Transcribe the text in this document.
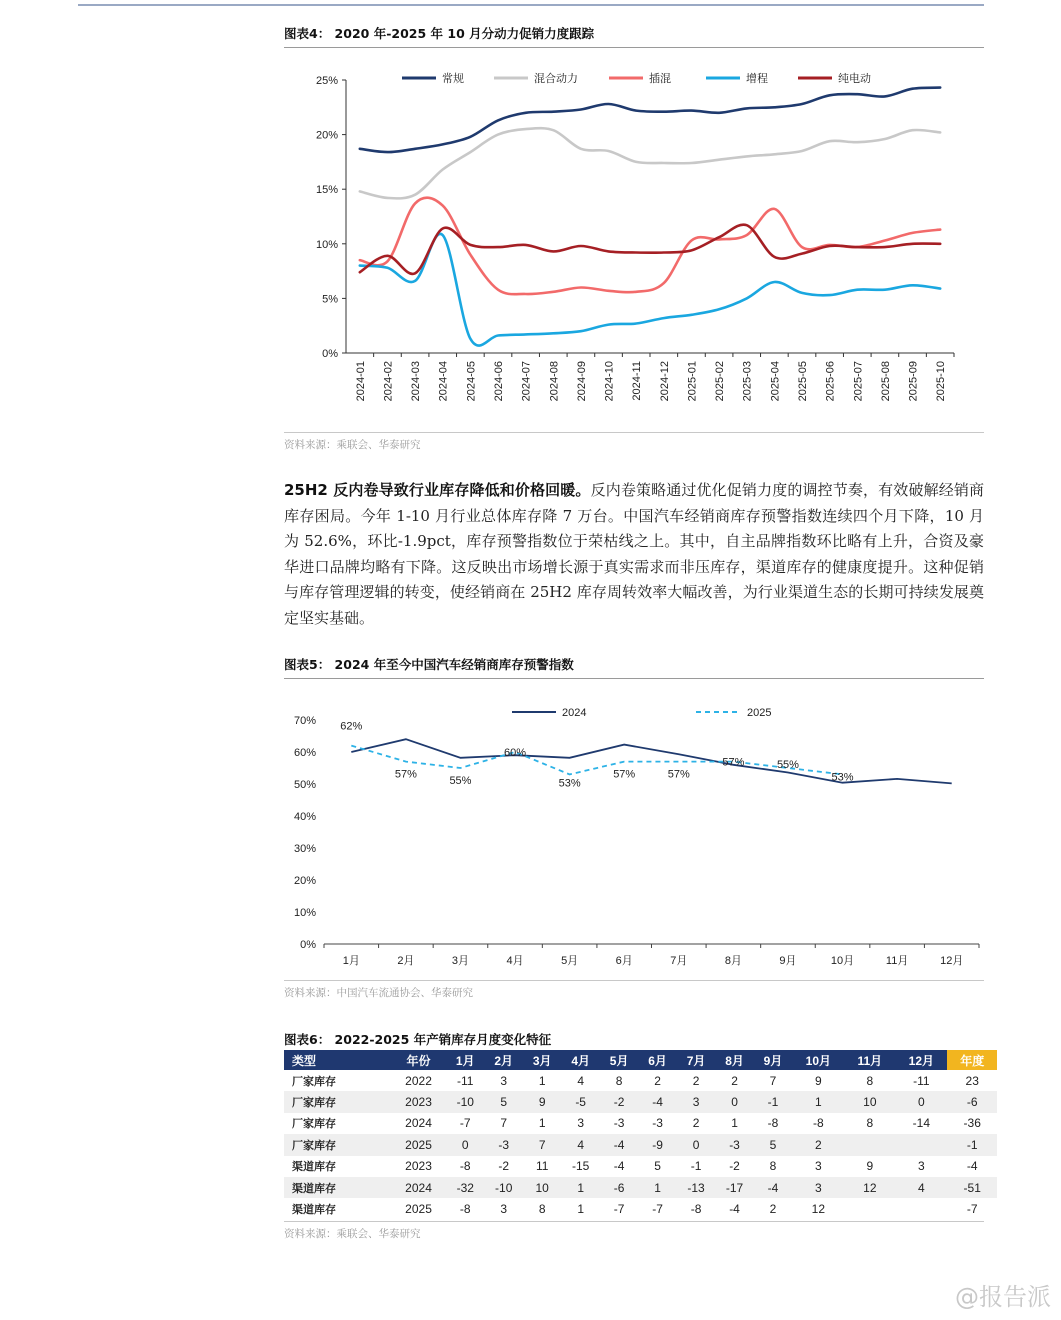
图表4： 2020 年-2025 年 10 月分动力促销力度跟踪
0%
5%
10%
15%
20%
25%
2024-01 2024-02 2024-03 2024-04 2024-05 2024-06 2024-07 2024-08 2024-09 2024-10 2024-11 2024-12 2025-01 2025-02 2025-03 2025-04 2025-05 2025-06 2025-07 2025-08 2025-09 2025-10
常规	混合动力	插混	增程	纯电动
资料来源：乘联会、华泰研究
25H2 反内卷导致行业库存降低和价格回暖。反内卷策略通过优化促销力度的调控节奏，有效破解经销商库存困局。今年 1-10 月行业总体库存降 7 万台。中国汽车经销商库存预警指数连续四个月下降，10 月为 52.6%，环比-1.9pct，库存预警指数位于荣枯线之上。其中，自主品牌指数环比略有上升，合资及豪华进口品牌均略有下降。这反映出市场增长源于真实需求而非压库存，渠道库存的健康度提升。这种促销与库存管理逻辑的转变，使经销商在 25H2 库存周转效率大幅改善，为行业渠道生态的长期可持续发展奠定坚实基础。
图表5： 2024 年至今中国汽车经销商库存预警指数
0%
10%
20%
30%
40%
50%
60%
70%
1月	2月	3月	4月	5月	6月	7月	8月	9月	10月	11月	12月
2024	2025
62%
57%
55%
60%
53%
57%	57%
57%	55%
53%
资料来源：中国汽车流通协会、华泰研究
图表6： 2022-2025 年产销库存月度变化特征
类型	年份	1月	2月	3月	4月	5月	6月	7月	8月	9月	10月	11月	12月	年度
厂家库存	2022	-11	3	1	4	8	2	2	2	7	9	8	-11	23
厂家库存	2023	-10	5	9	-5	-2	-4	3	0	-1	1	10	0	-6
厂家库存	2024	-7	7	1	3	-3	-3	2	1	-8	-8	8	-14	-36
厂家库存	2025	0	-3	7	4	-4	-9	0	-3	5	2			-1
渠道库存	2023	-8	-2	11	-15	-4	5	-1	-2	8	3	9	3	-4
渠道库存	2024	-32	-10	10	1	-6	1	-13	-17	-4	3	12	4	-51
渠道库存	2025	-8	3	8	1	-7	-7	-8	-4	2	12			-7
资料来源：乘联会、华泰研究
@报告派
